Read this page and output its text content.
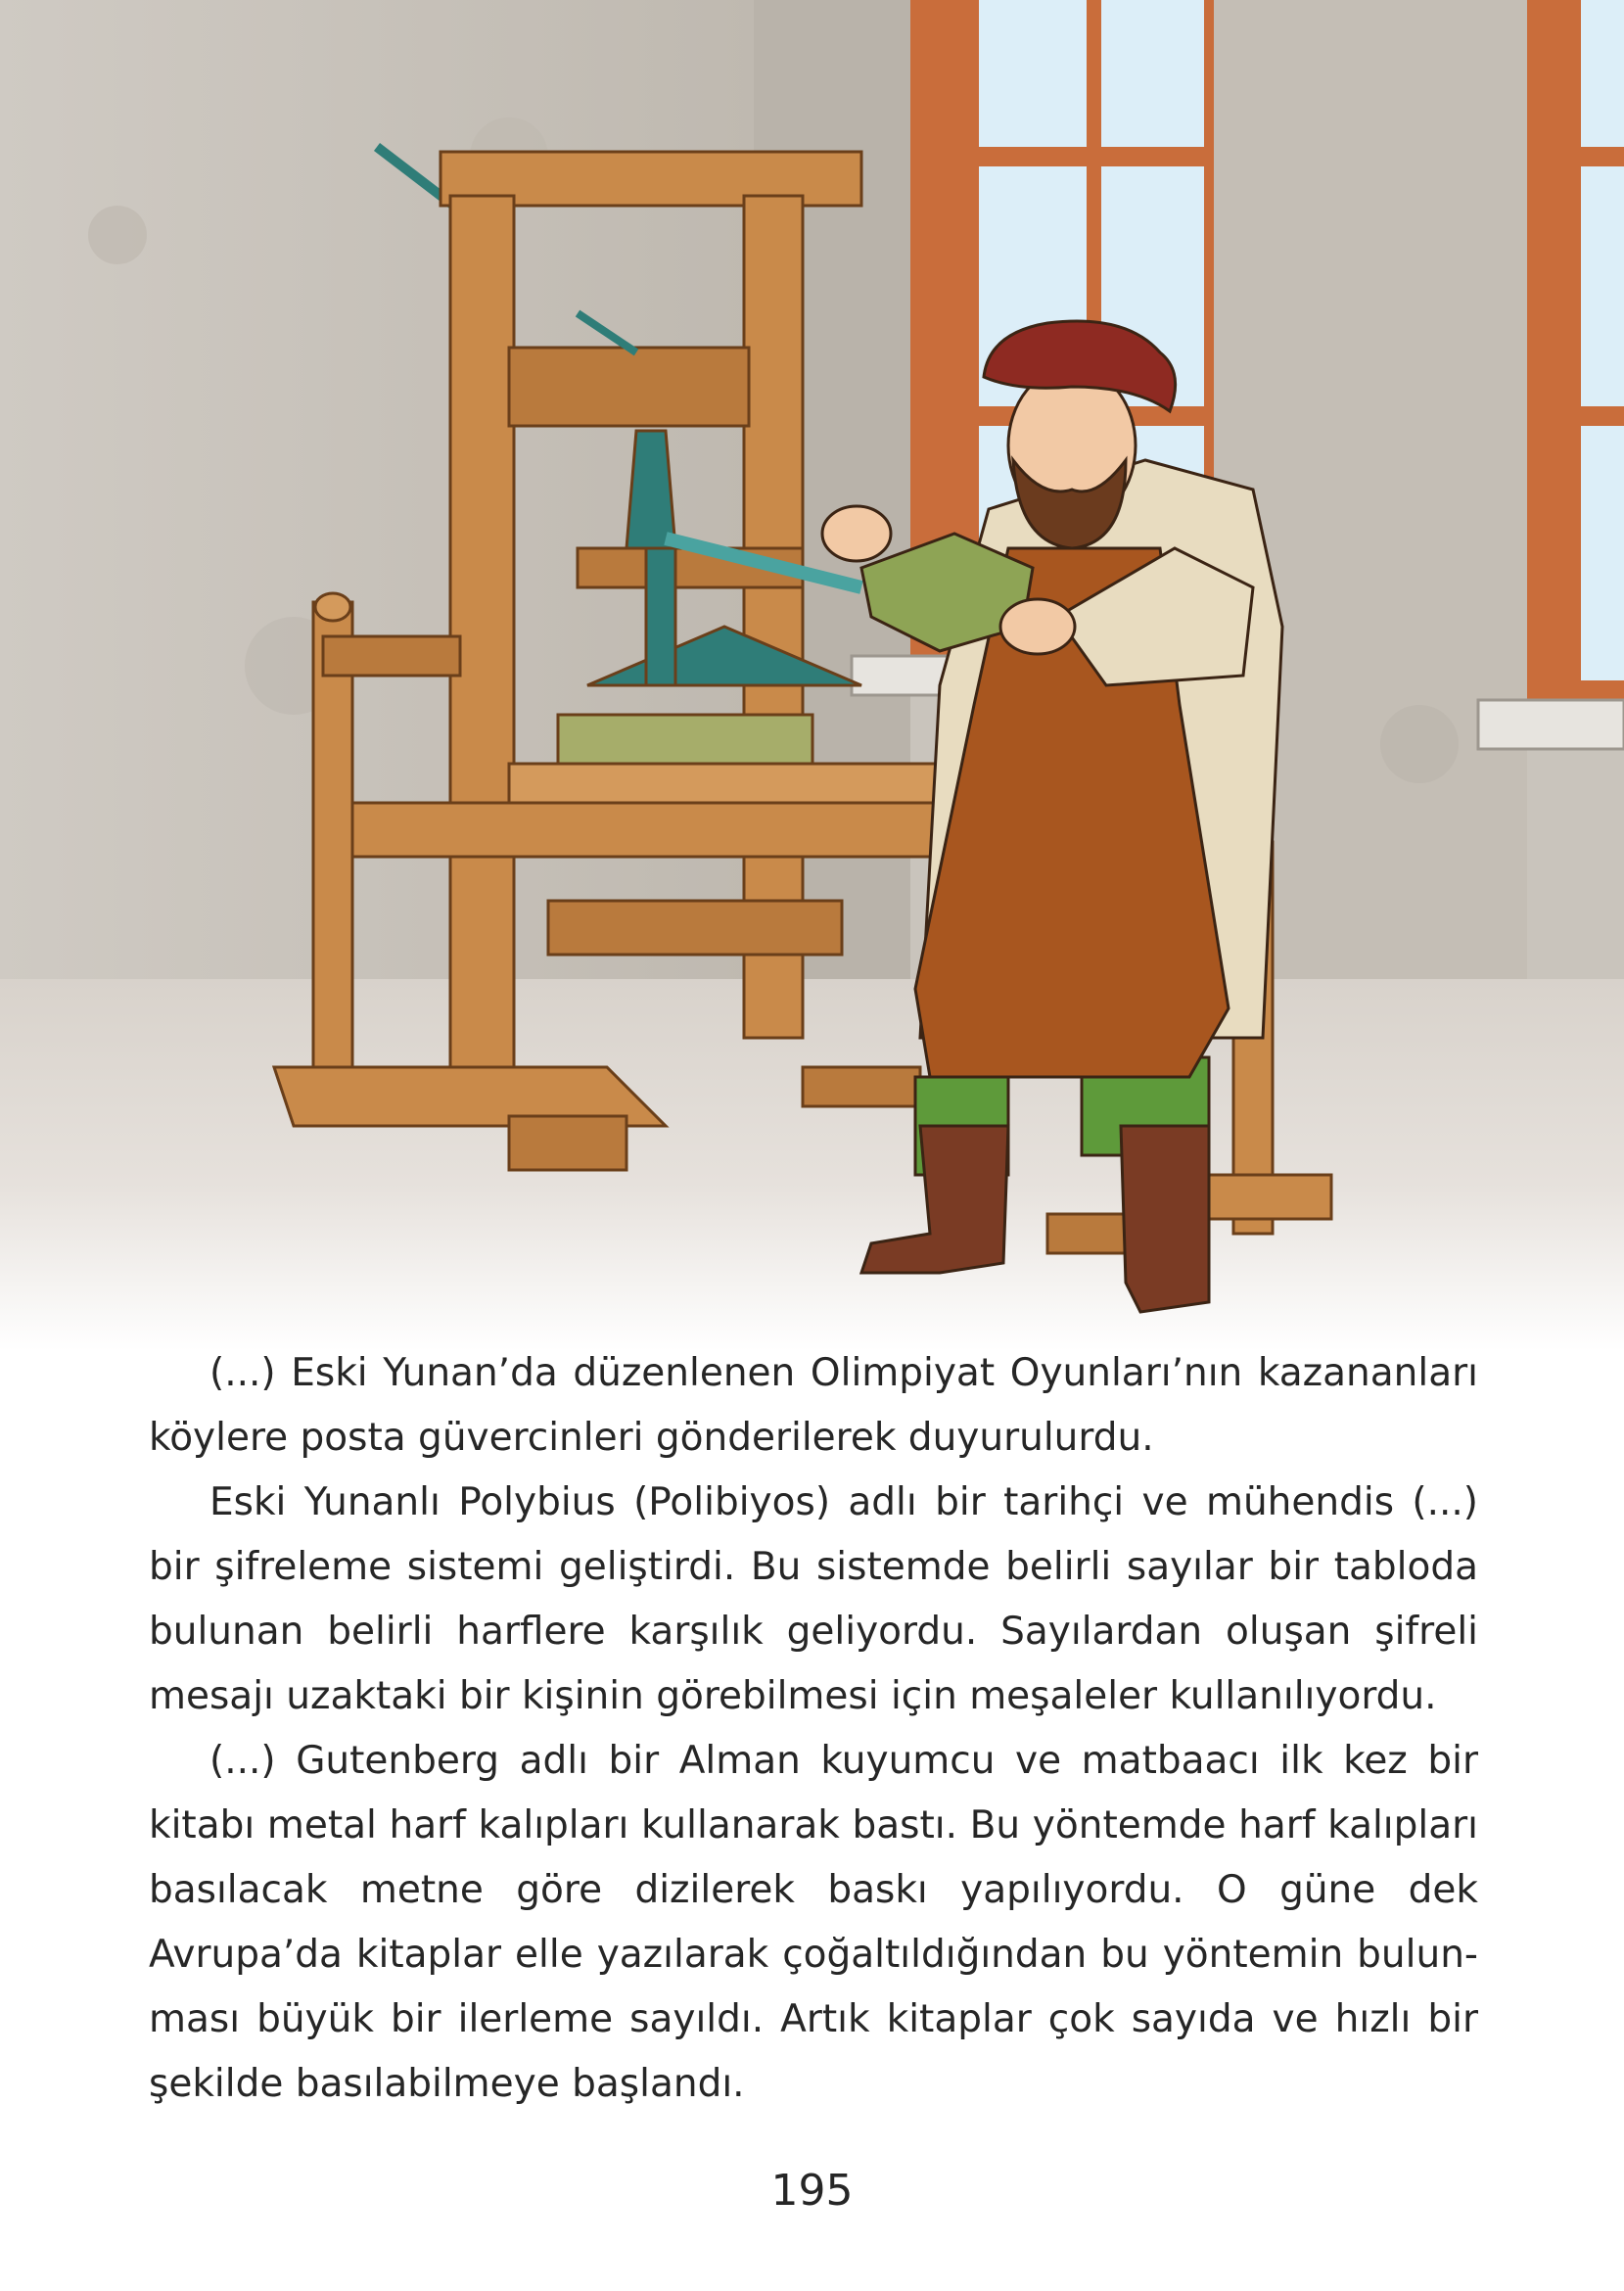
(...) Eski Yunan’da düzenlenen Olimpiyat Oyunları’nın kazananları köylere posta güvercinleri gönderilerek duyurulurdu.

Eski Yunanlı Polybius (Polibiyos) adlı bir tarihçi ve mühendis (...) bir şifreleme sistemi geliştirdi. Bu sistemde belirli sayılar bir tabloda bulunan belirli harflere karşılık geliyordu. Sayılardan oluşan şifreli mesajı uzaktaki bir kişinin görebilmesi için meşaleler kullanılıyordu.

(...) Gutenberg adlı bir Alman kuyumcu ve matbaacı ilk kez bir kitabı metal harf kalıpları kullanarak bastı. Bu yöntemde harf kalıpları basılacak metne göre dizilerek baskı yapılıyordu. O güne dek Avrupa’da kitaplar elle yazılarak çoğaltıldığından bu yöntemin bulunması büyük bir ilerleme sayıldı. Artık kitaplar çok sayıda ve hızlı bir şekilde basılabilmeye başlandı.

195
